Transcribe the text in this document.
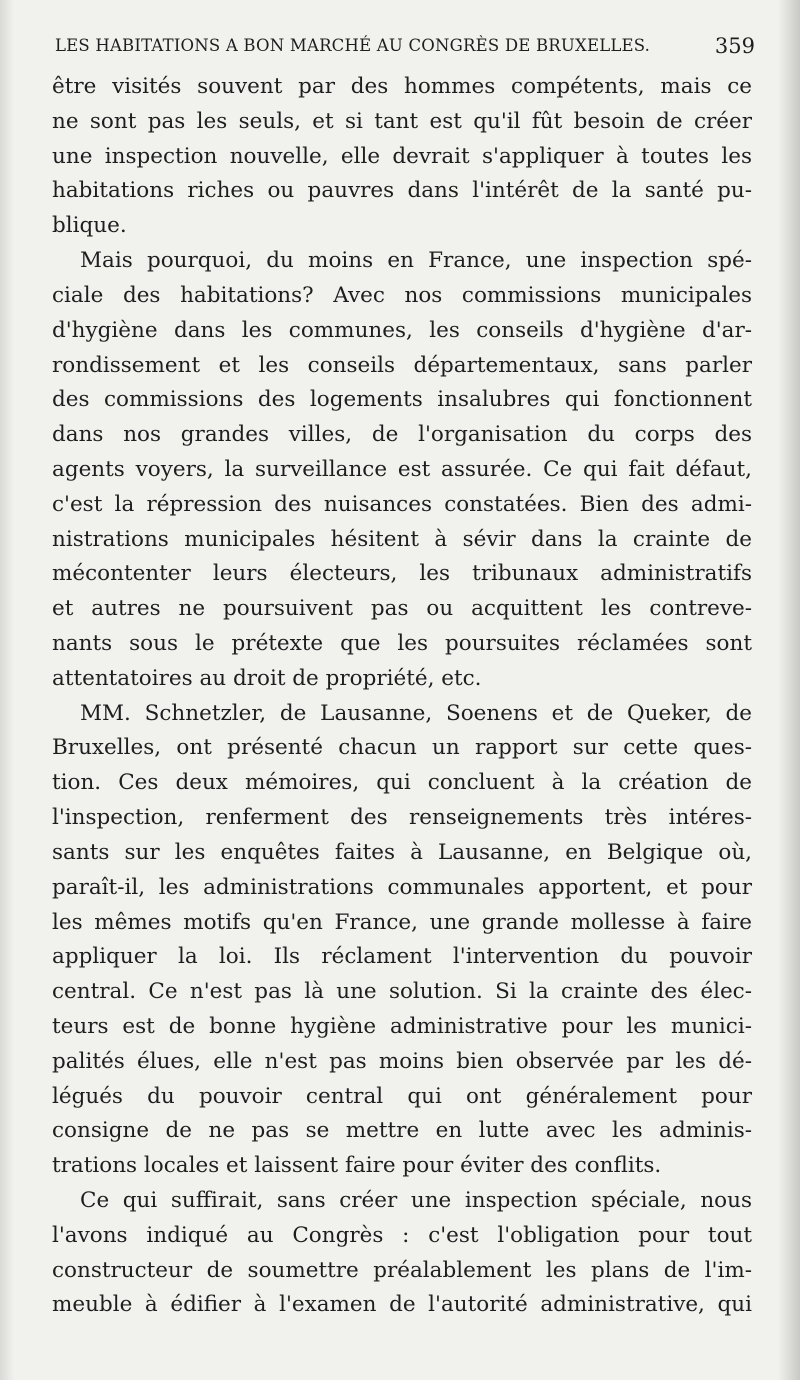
LES HABITATIONS A BON MARCHÉ AU CONGRÈS DE BRUXELLES.	359
être visités souvent par des hommes compétents, mais ce
ne sont pas les seuls, et si tant est qu'il fût besoin de créer
une inspection nouvelle, elle devrait s'appliquer à toutes les
habitations riches ou pauvres dans l'intérêt de la santé pu-
blique.
Mais pourquoi, du moins en France, une inspection spé-
ciale des habitations? Avec nos commissions municipales
d'hygiène dans les communes, les conseils d'hygiène d'ar-
rondissement et les conseils départementaux, sans parler
des commissions des logements insalubres qui fonctionnent
dans nos grandes villes, de l'organisation du corps des
agents voyers, la surveillance est assurée. Ce qui fait défaut,
c'est la répression des nuisances constatées. Bien des admi-
nistrations municipales hésitent à sévir dans la crainte de
mécontenter leurs électeurs, les tribunaux administratifs
et autres ne poursuivent pas ou acquittent les contreve-
nants sous le prétexte que les poursuites réclamées sont
attentatoires au droit de propriété, etc.
MM. Schnetzler, de Lausanne, Soenens et de Queker, de
Bruxelles, ont présenté chacun un rapport sur cette ques-
tion. Ces deux mémoires, qui concluent à la création de
l'inspection, renferment des renseignements très intéres-
sants sur les enquêtes faites à Lausanne, en Belgique où,
paraît-il, les administrations communales apportent, et pour
les mêmes motifs qu'en France, une grande mollesse à faire
appliquer la loi. Ils réclament l'intervention du pouvoir
central. Ce n'est pas là une solution. Si la crainte des élec-
teurs est de bonne hygiène administrative pour les munici-
palités élues, elle n'est pas moins bien observée par les dé-
légués du pouvoir central qui ont généralement pour
consigne de ne pas se mettre en lutte avec les adminis-
trations locales et laissent faire pour éviter des conflits.
Ce qui suffirait, sans créer une inspection spéciale, nous
l'avons indiqué au Congrès : c'est l'obligation pour tout
constructeur de soumettre préalablement les plans de l'im-
meuble à édifier à l'examen de l'autorité administrative, qui
